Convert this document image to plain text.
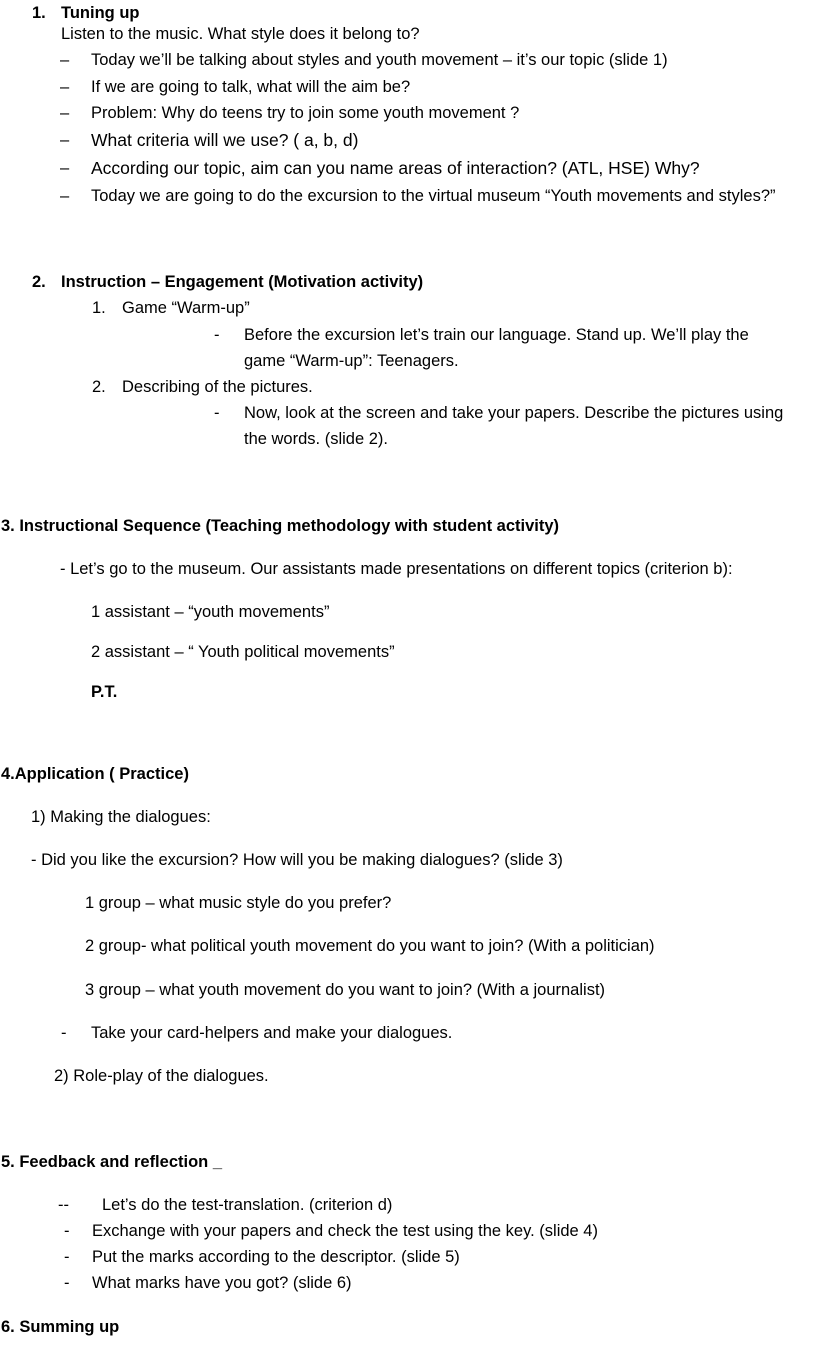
1. Tuning up
Listen to the music. What style does it belong to?
– Today we’ll be talking about styles and youth movement – it’s our topic (slide 1)
– If we are going to talk, what will the aim be?
– Problem: Why do teens try to join some youth movement ?
– What criteria will we use? ( a, b, d)
– According our topic, aim can you name areas of interaction? (ATL, HSE) Why?
– Today we are going to do the excursion to the virtual museum “Youth movements and styles?”
2. Instruction – Engagement (Motivation activity)
1. Game “Warm-up”
- Before the excursion let’s train our language. Stand up. We’ll play the
game “Warm-up”: Teenagers.
2. Describing of the pictures.
- Now, look at the screen and take your papers. Describe the pictures using
the words. (slide 2).
3. Instructional Sequence (Teaching methodology with student activity)
- Let’s go to the museum. Our assistants made presentations on different topics (criterion b):
1 assistant – “youth movements”
2 assistant – “ Youth political movements”
P.T.
4.Application ( Practice)
1) Making the dialogues:
- Did you like the excursion? How will you be making dialogues? (slide 3)
1 group – what music style do you prefer?
2 group- what political youth movement do you want to join? (With a politician)
3 group – what youth movement do you want to join? (With a journalist)
- Take your card-helpers and make your dialogues.
2) Role-play of the dialogues.
5. Feedback and reflection _
-- Let’s do the test-translation. (criterion d)
- Exchange with your papers and check the test using the key. (slide 4)
- Put the marks according to the descriptor. (slide 5)
- What marks have you got? (slide 6)
6. Summing up
